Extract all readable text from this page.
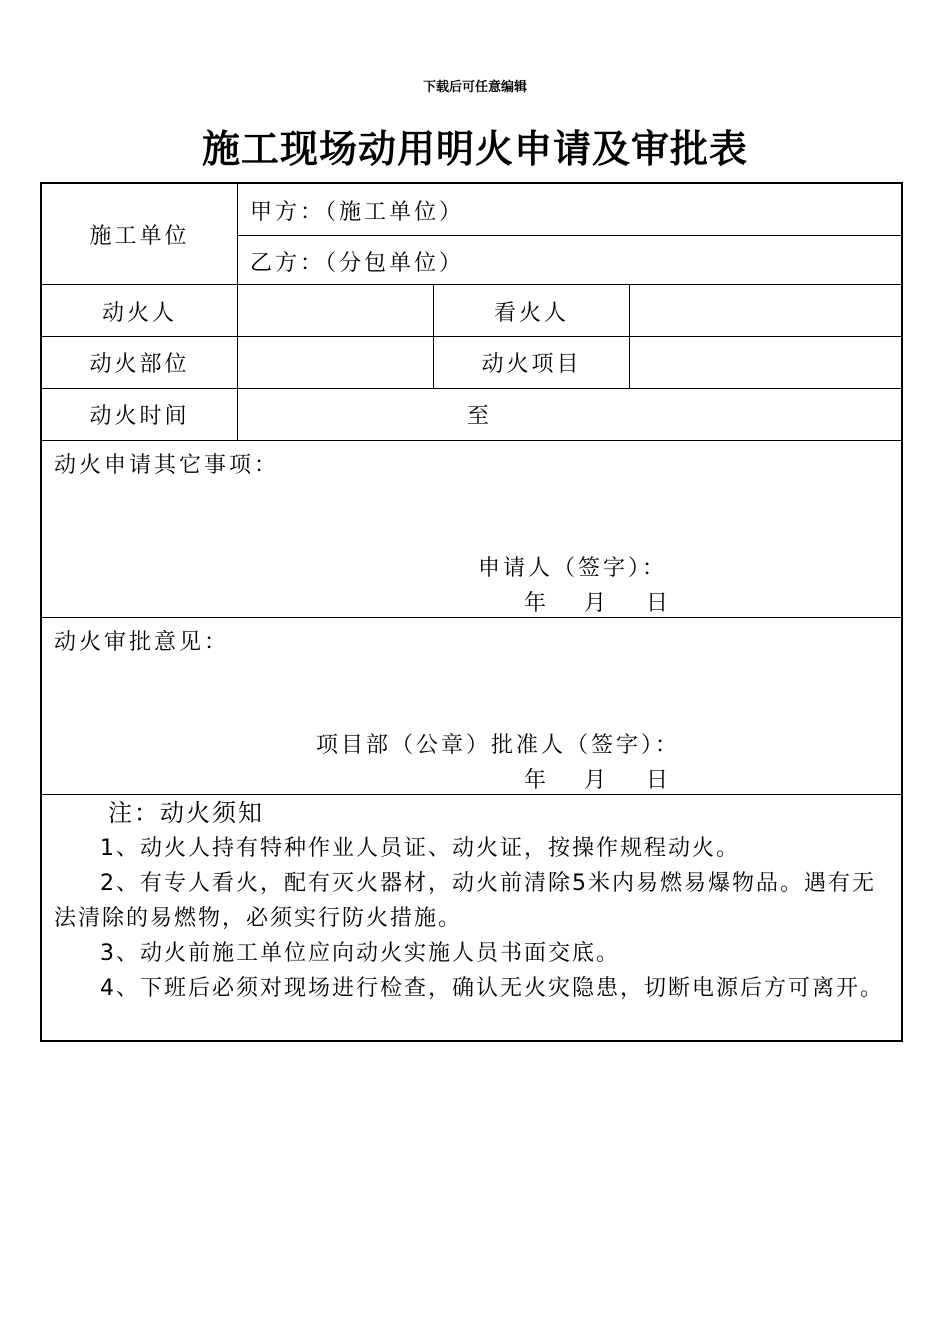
下载后可任意编辑
施工现场动用明火申请及审批表
施工单位
甲方：（施工单位）
乙方：（分包单位）
动火人	看火人
动火部位	动火项目
动火时间	至
动火申请其它事项：
申请人（签字）：
年 月 日
动火审批意见：
项目部（公章）批准人（签字）：
年 月 日

注：动火须知

1、动火人持有特种作业人员证、动火证，按操作规程动火。

2、有专人看火，配有灭火器材，动火前清除5米内易燃易爆物品。遇有无法清除的易燃物，必须实行防火措施。

3、动火前施工单位应向动火实施人员书面交底。

4、下班后必须对现场进行检查，确认无火灾隐患，切断电源后方可离开。
